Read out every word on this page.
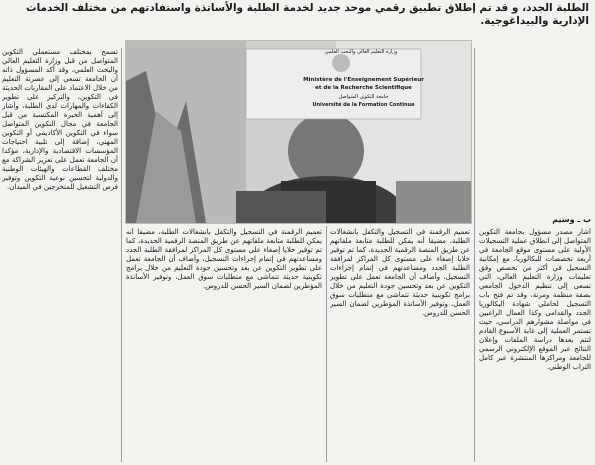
الطلبة الجدد، و قد تم إطلاق تطبيق رقمي موحد جديد لخدمة الطلبة والأساتذة واستفادتهم من مختلف الخدمات الإدارية والبيداغوجية.
وزارة التعليم العالي والبحث العلمي
Ministère de l'Enseignement Supérieur
et de la Recherche Scientifique
جامعة التكوين المتواصل
Université de la Formation Continue
ب ـ وسيم
أشار مصدر مسؤول بجامعة التكوين المتواصل إلى انطلاق عملية التسجيلات الأولية على مستوى موقع الجامعة في أربعة تخصصات للبكالوريا، مع إمكانية التسجيل في أكثر من تخصص وفق تعليمات وزارة التعليم العالي، التي تسعى إلى تنظيم الدخول الجامعي بصفة منظمة ومرنة، وقد تم فتح باب التسجيل لحاملي شهادة البكالوريا الجدد والقدامى وكذا العمال الراغبين في مواصلة مشوارهم الدراسي، حيث تستمر العملية إلى غاية الأسبوع القادم لتتم بعدها دراسة الملفات وإعلان النتائج عبر الموقع الإلكتروني الرسمي للجامعة ومراكزها المنتشرة عبر كامل التراب الوطني.
تعميم الرقمنة في التسجيل والتكفل بانشغالات الطلبة، مضيفا أنه يمكن للطلبة متابعة ملفاتهم عن طريق المنصة الرقمية الجديدة، كما تم توفير خلايا إصغاء على مستوى كل المراكز لمرافقة الطلبة الجدد ومساعدتهم في إتمام إجراءات التسجيل، وأضاف أن الجامعة تعمل على تطوير التكوين عن بعد وتحسين جودة التعليم من خلال برامج تكوينية حديثة تتماشى مع متطلبات سوق العمل، وتوفير الأساتذة المؤطرين لضمان السير الحسن للدروس.
تسمح بمختلف مستعملي التكوين المتواصل من قبل وزارة التعليم العالي والبحث العلمي، وقد أكد المسؤول ذاته أن الجامعة تسعى إلى عصرنة التعليم من خلال الاعتماد على المقاربات الحديثة في التكوين، والتركيز على تطوير الكفاءات والمهارات لدى الطلبة، وأشار إلى أهمية الخبرة المكتسبة من قبل الجامعة في مجال التكوين المتواصل سواء في التكوين الأكاديمي أو التكوين المهني، إضافة إلى تلبية احتياجات المؤسسات الاقتصادية والإدارية، مؤكدا أن الجامعة تعمل على تعزيز الشراكة مع مختلف القطاعات والهيئات الوطنية والدولية لتحسين نوعية التكوين وتوفير فرص التشغيل للمتخرجين في الميدان.
تعميم الرقمنة في التسجيل والتكفل بانشغالات الطلبة، مضيفا أنه يمكن للطلبة متابعة ملفاتهم عن طريق المنصة الرقمية الجديدة، كما تم توفير خلايا إصغاء على مستوى كل المراكز لمرافقة الطلبة الجدد ومساعدتهم في إتمام إجراءات التسجيل، وأضاف أن الجامعة تعمل على تطوير التكوين عن بعد وتحسين جودة التعليم من خلال برامج تكوينية حديثة تتماشى مع متطلبات سوق العمل، وتوفير الأساتذة المؤطرين لضمان السير الحسن للدروس.
